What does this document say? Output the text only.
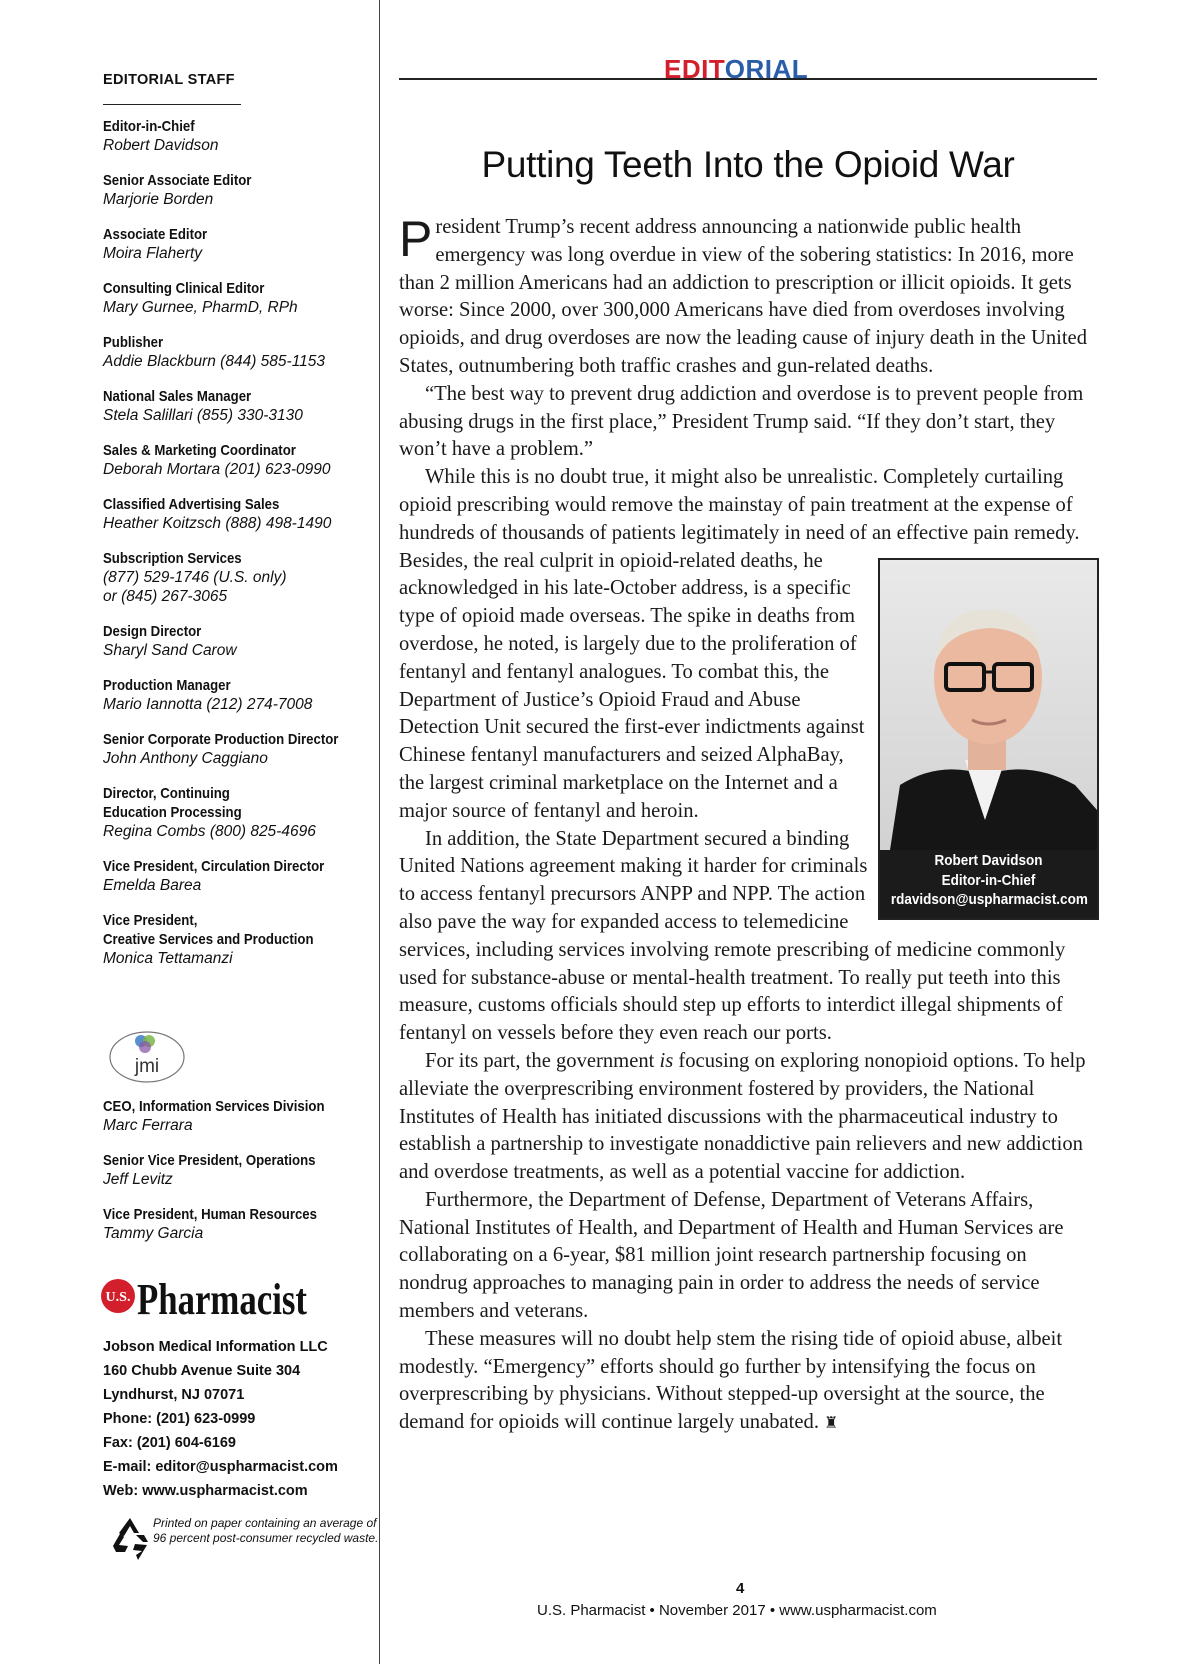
EDITORIAL STAFF
Editor-in-Chief
Robert Davidson
Senior Associate Editor
Marjorie Borden
Associate Editor
Moira Flaherty
Consulting Clinical Editor
Mary Gurnee, PharmD, RPh
Publisher
Addie Blackburn (844) 585-1153
National Sales Manager
Stela Salillari (855) 330-3130
Sales & Marketing Coordinator
Deborah Mortara (201) 623-0990
Classified Advertising Sales
Heather Koitzsch (888) 498-1490
Subscription Services
(877) 529-1746 (U.S. only)
or (845) 267-3065
Design Director
Sharyl Sand Carow
Production Manager
Mario Iannotta (212) 274-7008
Senior Corporate Production Director
John Anthony Caggiano
Director, Continuing
Education Processing
Regina Combs (800) 825-4696
Vice President, Circulation Director
Emelda Barea
Vice President,
Creative Services and Production
Monica Tettamanzi
jmi
CEO, Information Services Division
Marc Ferrara
Senior Vice President, Operations
Jeff Levitz
Vice President, Human Resources
Tammy Garcia
U.S. Pharmacist
Jobson Medical Information LLC
160 Chubb Avenue Suite 304
Lyndhurst, NJ 07071
Phone: (201) 623-0999
Fax: (201) 604-6169
E-mail: editor@uspharmacist.com
Web: www.uspharmacist.com
Printed on paper containing an average of 96 percent post-consumer recycled waste.
EDITORIAL
Putting Teeth Into the Opioid War

President Trump’s recent address announcing a nationwide public health emergency was long overdue in view of the sobering statistics: In 2016, more than 2 million Americans had an addiction to prescription or illicit opioids. It gets worse: Since 2000, over 300,000 Americans have died from overdoses involving opioids, and drug overdoses are now the leading cause of injury death in the United States, outnumbering both traffic crashes and gun-related deaths.

“The best way to prevent drug addiction and overdose is to prevent people from abusing drugs in the first place,” President Trump said. “If they don’t start, they won’t have a problem.”

While this is no doubt true, it might also be unrealistic. Completely curtailing opioid prescribing would remove the mainstay of pain treatment at the expense of hundreds of thousands of patients legitimately in need of an effective pain remedy.

Robert Davidson
Editor-in-Chief
rdavidson@uspharmacist.com

Besides, the real culprit in opioid-related deaths, he acknowledged in his late-October address, is a specific type of opioid made overseas. The spike in deaths from overdose, he noted, is largely due to the proliferation of fentanyl and fentanyl analogues. To combat this, the Department of Justice’s Opioid Fraud and Abuse Detection Unit secured the first-ever indictments against Chinese fentanyl manufacturers and seized AlphaBay, the largest criminal marketplace on the Internet and a major source of fentanyl and heroin.

In addition, the State Department secured a binding United Nations agreement making it harder for criminals to access fentanyl precursors ANPP and NPP. The action also pave the way for expanded access to telemedicine services, including services involving remote prescribing of medicine commonly used for substance-abuse or mental-health treatment. To really put teeth into this measure, customs officials should step up efforts to interdict illegal shipments of fentanyl on vessels before they even reach our ports.

For its part, the government is focusing on exploring nonopioid options. To help alleviate the overprescribing environment fostered by providers, the National Institutes of Health has initiated discussions with the pharmaceutical industry to establish a partnership to investigate nonaddictive pain relievers and new addiction and overdose treatments, as well as a potential vaccine for addiction.

Furthermore, the Department of Defense, Department of Veterans Affairs, National Institutes of Health, and Department of Health and Human Services are collaborating on a 6-year, $81 million joint research partnership focusing on nondrug approaches to managing pain in order to address the needs of service members and veterans.

These measures will no doubt help stem the rising tide of opioid abuse, albeit modestly. “Emergency” efforts should go further by intensifying the focus on overprescribing by physicians. Without stepped-up oversight at the source, the demand for opioids will continue largely unabated. ♜

4
U.S. Pharmacist • November 2017 • www.uspharmacist.com
